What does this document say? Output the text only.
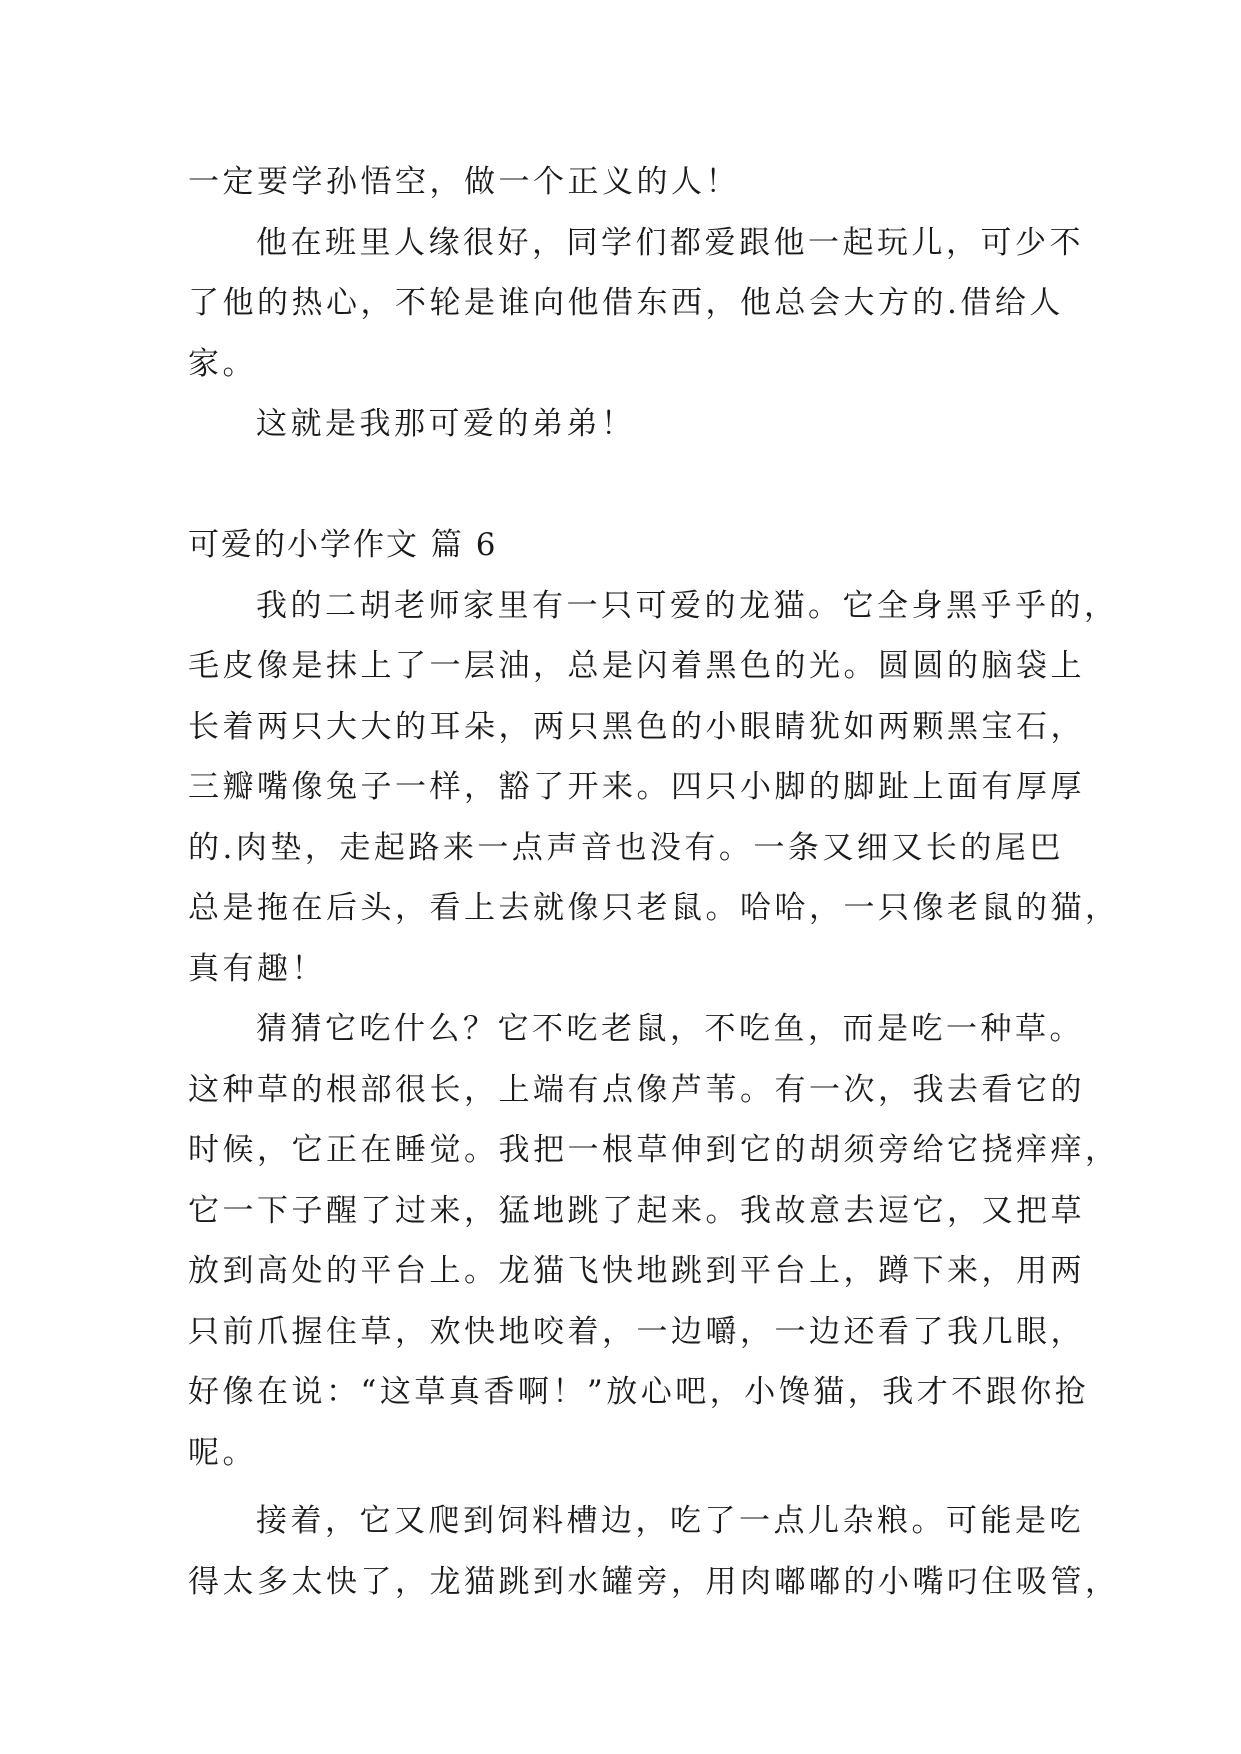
一定要学孙悟空，做一个正义的人！
他在班里人缘很好，同学们都爱跟他一起玩儿，可少不
了他的热心，不轮是谁向他借东西，他总会大方的.借给人
家。
这就是我那可爱的弟弟！
可爱的小学作文 篇 6
我的二胡老师家里有一只可爱的龙猫。它全身黑乎乎的，
毛皮像是抹上了一层油，总是闪着黑色的光。圆圆的脑袋上
长着两只大大的耳朵，两只黑色的小眼睛犹如两颗黑宝石，
三瓣嘴像兔子一样，豁了开来。四只小脚的脚趾上面有厚厚
的.肉垫，走起路来一点声音也没有。一条又细又长的尾巴
总是拖在后头，看上去就像只老鼠。哈哈，一只像老鼠的猫，
真有趣！
猜猜它吃什么？它不吃老鼠，不吃鱼，而是吃一种草。
这种草的根部很长，上端有点像芦苇。有一次，我去看它的
时候，它正在睡觉。我把一根草伸到它的胡须旁给它挠痒痒，
它一下子醒了过来，猛地跳了起来。我故意去逗它，又把草
放到高处的平台上。龙猫飞快地跳到平台上，蹲下来，用两
只前爪握住草，欢快地咬着，一边嚼，一边还看了我几眼，
好像在说：“这草真香啊！”放心吧，小馋猫，我才不跟你抢
呢。
接着，它又爬到饲料槽边，吃了一点儿杂粮。可能是吃
得太多太快了，龙猫跳到水罐旁，用肉嘟嘟的小嘴叼住吸管，
